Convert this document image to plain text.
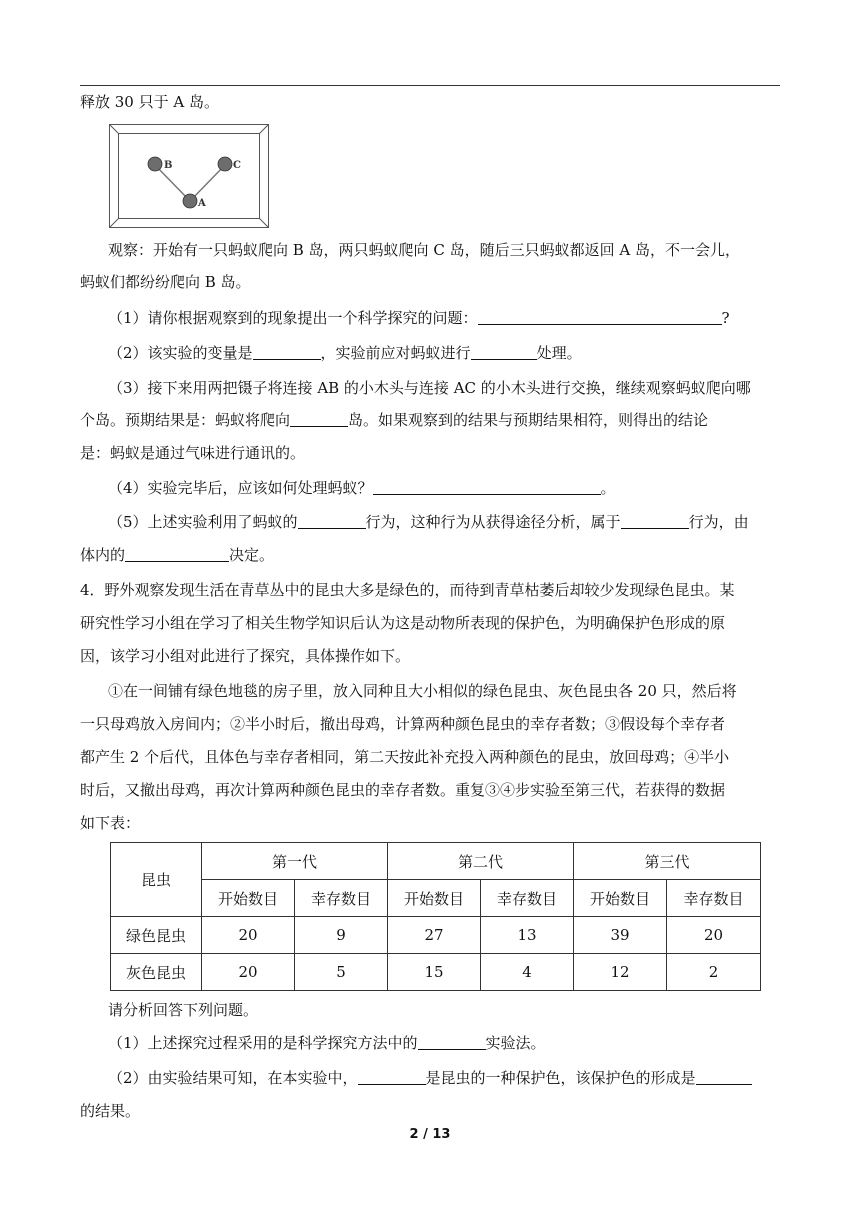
释放 30 只于 A 岛。
B	C
A
观察：开始有一只蚂蚁爬向 B 岛，两只蚂蚁爬向 C 岛，随后三只蚂蚁都返回 A 岛，不一会儿，
蚂蚁们都纷纷爬向 B 岛。
（1）请你根据观察到的现象提出一个科学探究的问题：	?
（2）该实验的变量是	，实验前应对蚂蚁进行	处理。
（3）接下来用两把镊子将连接 AB 的小木头与连接 AC 的小木头进行交换，继续观察蚂蚁爬向哪
个岛。预期结果是：蚂蚁将爬向	岛。如果观察到的结果与预期结果相符，则得出的结论
是：蚂蚁是通过气味进行通讯的。
（4）实验完毕后，应该如何处理蚂蚁？	。
（5）上述实验利用了蚂蚁的	行为，这种行为从获得途径分析，属于	行为，由
体内的	决定。
4．野外观察发现生活在青草丛中的昆虫大多是绿色的，而待到青草枯萎后却较少发现绿色昆虫。某
研究性学习小组在学习了相关生物学知识后认为这是动物所表现的保护色，为明确保护色形成的原
因，该学习小组对此进行了探究，具体操作如下。
①在一间铺有绿色地毯的房子里，放入同种且大小相似的绿色昆虫、灰色昆虫各 20 只，然后将
一只母鸡放入房间内；②半小时后，撤出母鸡，计算两种颜色昆虫的幸存者数；③假设每个幸存者
都产生 2 个后代，且体色与幸存者相同，第二天按此补充投入两种颜色的昆虫，放回母鸡；④半小
时后，又撤出母鸡，再次计算两种颜色昆虫的幸存者数。重复③④步实验至第三代，若获得的数据
如下表：
昆虫	第一代		第二代		第三代	
	开始数目	幸存数目	开始数目	幸存数目	开始数目	幸存数目
绿色昆虫	20	9	27	13	39	20
灰色昆虫	20	5	15	4	12	2
请分析回答下列问题。
（1）上述探究过程采用的是科学探究方法中的	实验法。
（2）由实验结果可知，在本实验中，	是昆虫的一种保护色，该保护色的形成是
的结果。
2 / 13
